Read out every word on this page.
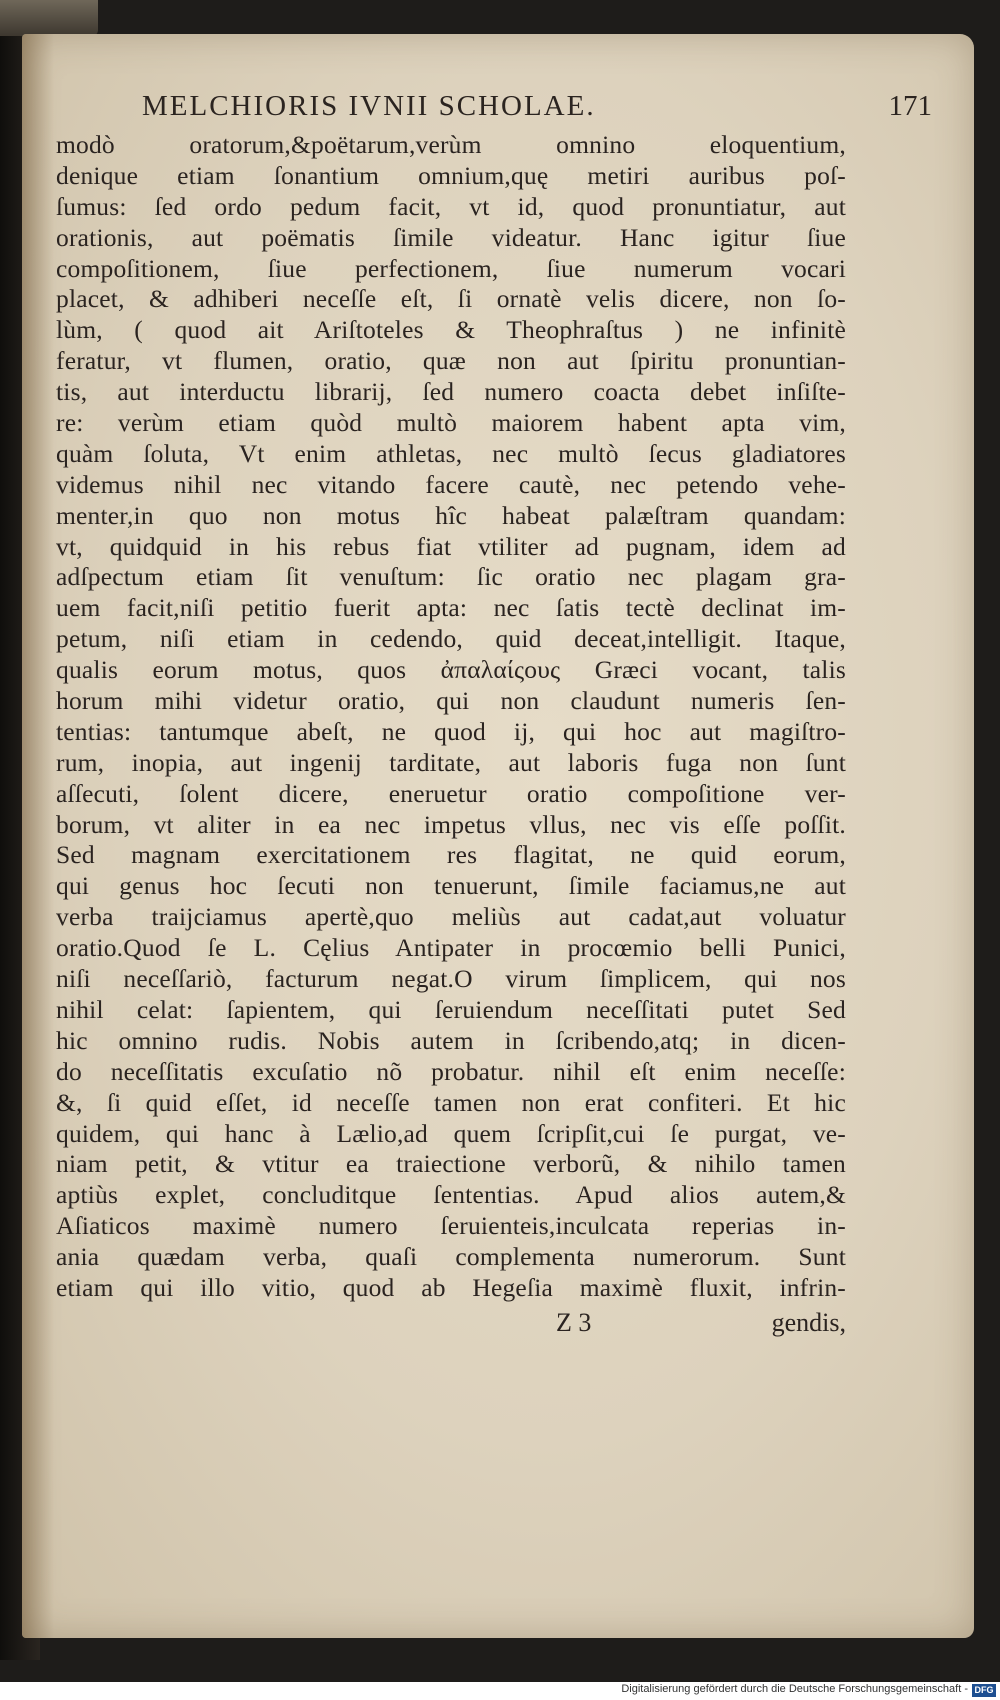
MELCHIORIS IVNII SCHOLAE.	171
modò oratorum,&poëtarum,verùm omnino eloquentium,
denique etiam ſonantium omnium,quę metiri auribus poſ-
ſumus: ſed ordo pedum facit, vt id, quod pronuntiatur, aut
orationis, aut poëmatis ſimile videatur. Hanc igitur ſiue
compoſitionem, ſiue perfectionem, ſiue numerum vocari
placet, & adhiberi neceſſe eſt, ſi ornatè velis dicere, non ſo-
lùm, ( quod ait Ariſtoteles & Theophraſtus ) ne infinitè
feratur, vt flumen, oratio, quæ non aut ſpiritu pronuntian-
tis, aut interductu librarij, ſed numero coacta debet inſiſte-
re: verùm etiam quòd multò maiorem habent apta vim,
quàm ſoluta, Vt enim athletas, nec multò ſecus gladiatores
videmus nihil nec vitando facere cautè, nec petendo vehe-
menter,in quo non motus hîc habeat palæſtram quandam:
vt, quidquid in his rebus fiat vtiliter ad pugnam, idem ad
adſpectum etiam ſit venuſtum: ſic oratio nec plagam gra-
uem facit,niſi petitio fuerit apta: nec ſatis tectè declinat im-
petum, niſi etiam in cedendo, quid deceat,intelligit. Itaque,
qualis eorum motus, quos ἀπαλαίςους Græci vocant, talis
horum mihi videtur oratio, qui non claudunt numeris ſen-
tentias: tantumque abeſt, ne quod ij, qui hoc aut magiſtro-
rum, inopia, aut ingenij tarditate, aut laboris fuga non ſunt
aſſecuti, ſolent dicere, eneruetur oratio compoſitione ver-
borum, vt aliter in ea nec impetus vllus, nec vis eſſe poſſit.
Sed magnam exercitationem res flagitat, ne quid eorum,
qui genus hoc ſecuti non tenuerunt, ſimile faciamus,ne aut
verba traijciamus apertè,quo meliùs aut cadat,aut voluatur
oratio.Quod ſe L. Cęlius Antipater in procœmio belli Punici,
niſi neceſſariò, facturum negat.O virum ſimplicem, qui nos
nihil celat: ſapientem, qui ſeruiendum neceſſitati putet Sed
hic omnino rudis. Nobis autem in ſcribendo,atq; in dicen-
do neceſſitatis excuſatio nõ probatur. nihil eſt enim neceſſe:
&, ſi quid eſſet, id neceſſe tamen non erat confiteri. Et hic
quidem, qui hanc à Lælio,ad quem ſcripſit,cui ſe purgat, ve-
niam petit, & vtitur ea traiectione verborũ, & nihilo tamen
aptiùs explet, concluditque ſententias. Apud alios autem,&
Aſiaticos maximè numero ſeruienteis,inculcata reperias in-
ania quædam verba, quaſi complementa numerorum. Sunt
etiam qui illo vitio, quod ab Hegeſia maximè fluxit, infrin-
Z 3	gendis,
Digitalisierung gefördert durch die Deutsche Forschungsgemeinschaft - DFG
